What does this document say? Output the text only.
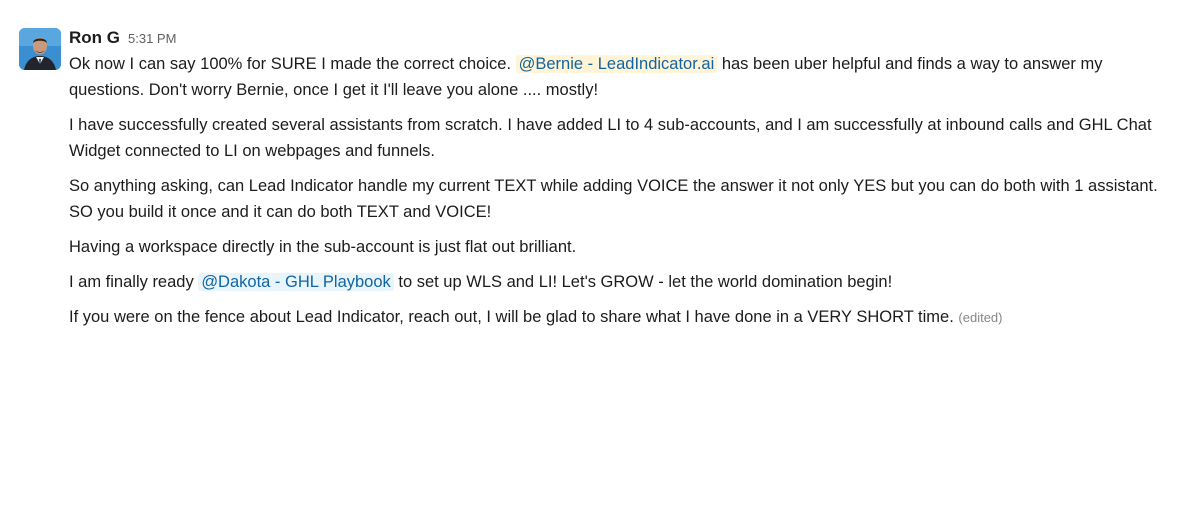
Ron G 5:31 PM

Ok now I can say 100% for SURE I made the correct choice. @Bernie - LeadIndicator.ai has been uber helpful and finds a way to answer my questions. Don't worry Bernie, once I get it I'll leave you alone .... mostly!

I have successfully created several assistants from scratch. I have added LI to 4 sub-accounts, and I am successfully at inbound calls and GHL Chat Widget connected to LI on webpages and funnels.

So anything asking, can Lead Indicator handle my current TEXT while adding VOICE the answer it not only YES but you can do both with 1 assistant. SO you build it once and it can do both TEXT and VOICE!

Having a workspace directly in the sub-account is just flat out brilliant.

I am finally ready @Dakota - GHL Playbook to set up WLS and LI! Let's GROW - let the world domination begin!

If you were on the fence about Lead Indicator, reach out, I will be glad to share what I have done in a VERY SHORT time. (edited)
